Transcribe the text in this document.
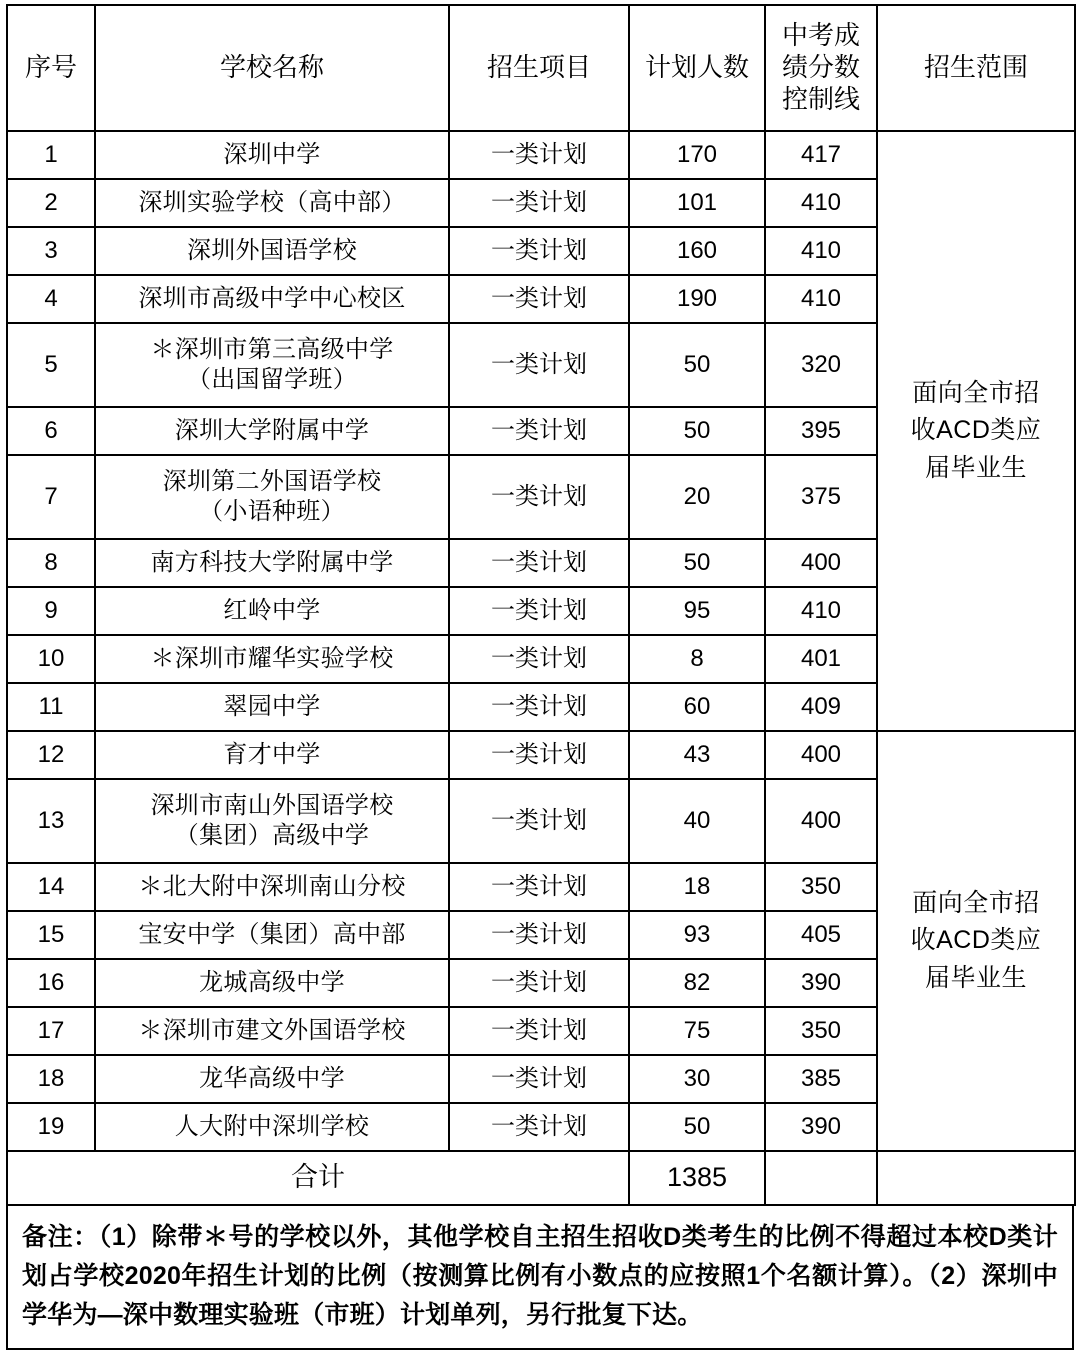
序号	学校名称	招生项目	计划人数	中考成
绩分数
控制线	招生范围
1	深圳中学	一类计划	170	417	面向全市招
收ACD类应
届毕业生

2	深圳实验学校（高中部）	一类计划	101	410	
3	深圳外国语学校	一类计划	160	410	
4	深圳市高级中学中心校区	一类计划	190	410	
5	＊深圳市第三高级中学
（出国留学班）	一类计划	50	320	
6	深圳大学附属中学	一类计划	50	395	
7	深圳第二外国语学校
（小语种班）	一类计划	20	375	
8	南方科技大学附属中学	一类计划	50	400	
9	红岭中学	一类计划	95	410	
10	＊深圳市耀华实验学校	一类计划	8	401	
11	翠园中学	一类计划	60	409	
12	育才中学	一类计划	43	400	面向全市招
收ACD类应
届毕业生

13	深圳市南山外国语学校
（集团）高级中学	一类计划	40	400	
14	＊北大附中深圳南山分校	一类计划	18	350	
15	宝安中学（集团）高中部	一类计划	93	405	
16	龙城高级中学	一类计划	82	390	
17	＊深圳市建文外国语学校	一类计划	75	350	
18	龙华高级中学	一类计划	30	385	
19	人大附中深圳学校	一类计划	50	390	
合计			1385		
备注：（1）除带＊号的学校以外，其他学校自主招生招收D类考生的比例不得超过本校D类计划占学校2020年招生计划的比例（按测算比例有小数点的应按照1个名额计算）。（2）深圳中学华为—深中数理实验班（市班）计划单列，另行批复下达。
